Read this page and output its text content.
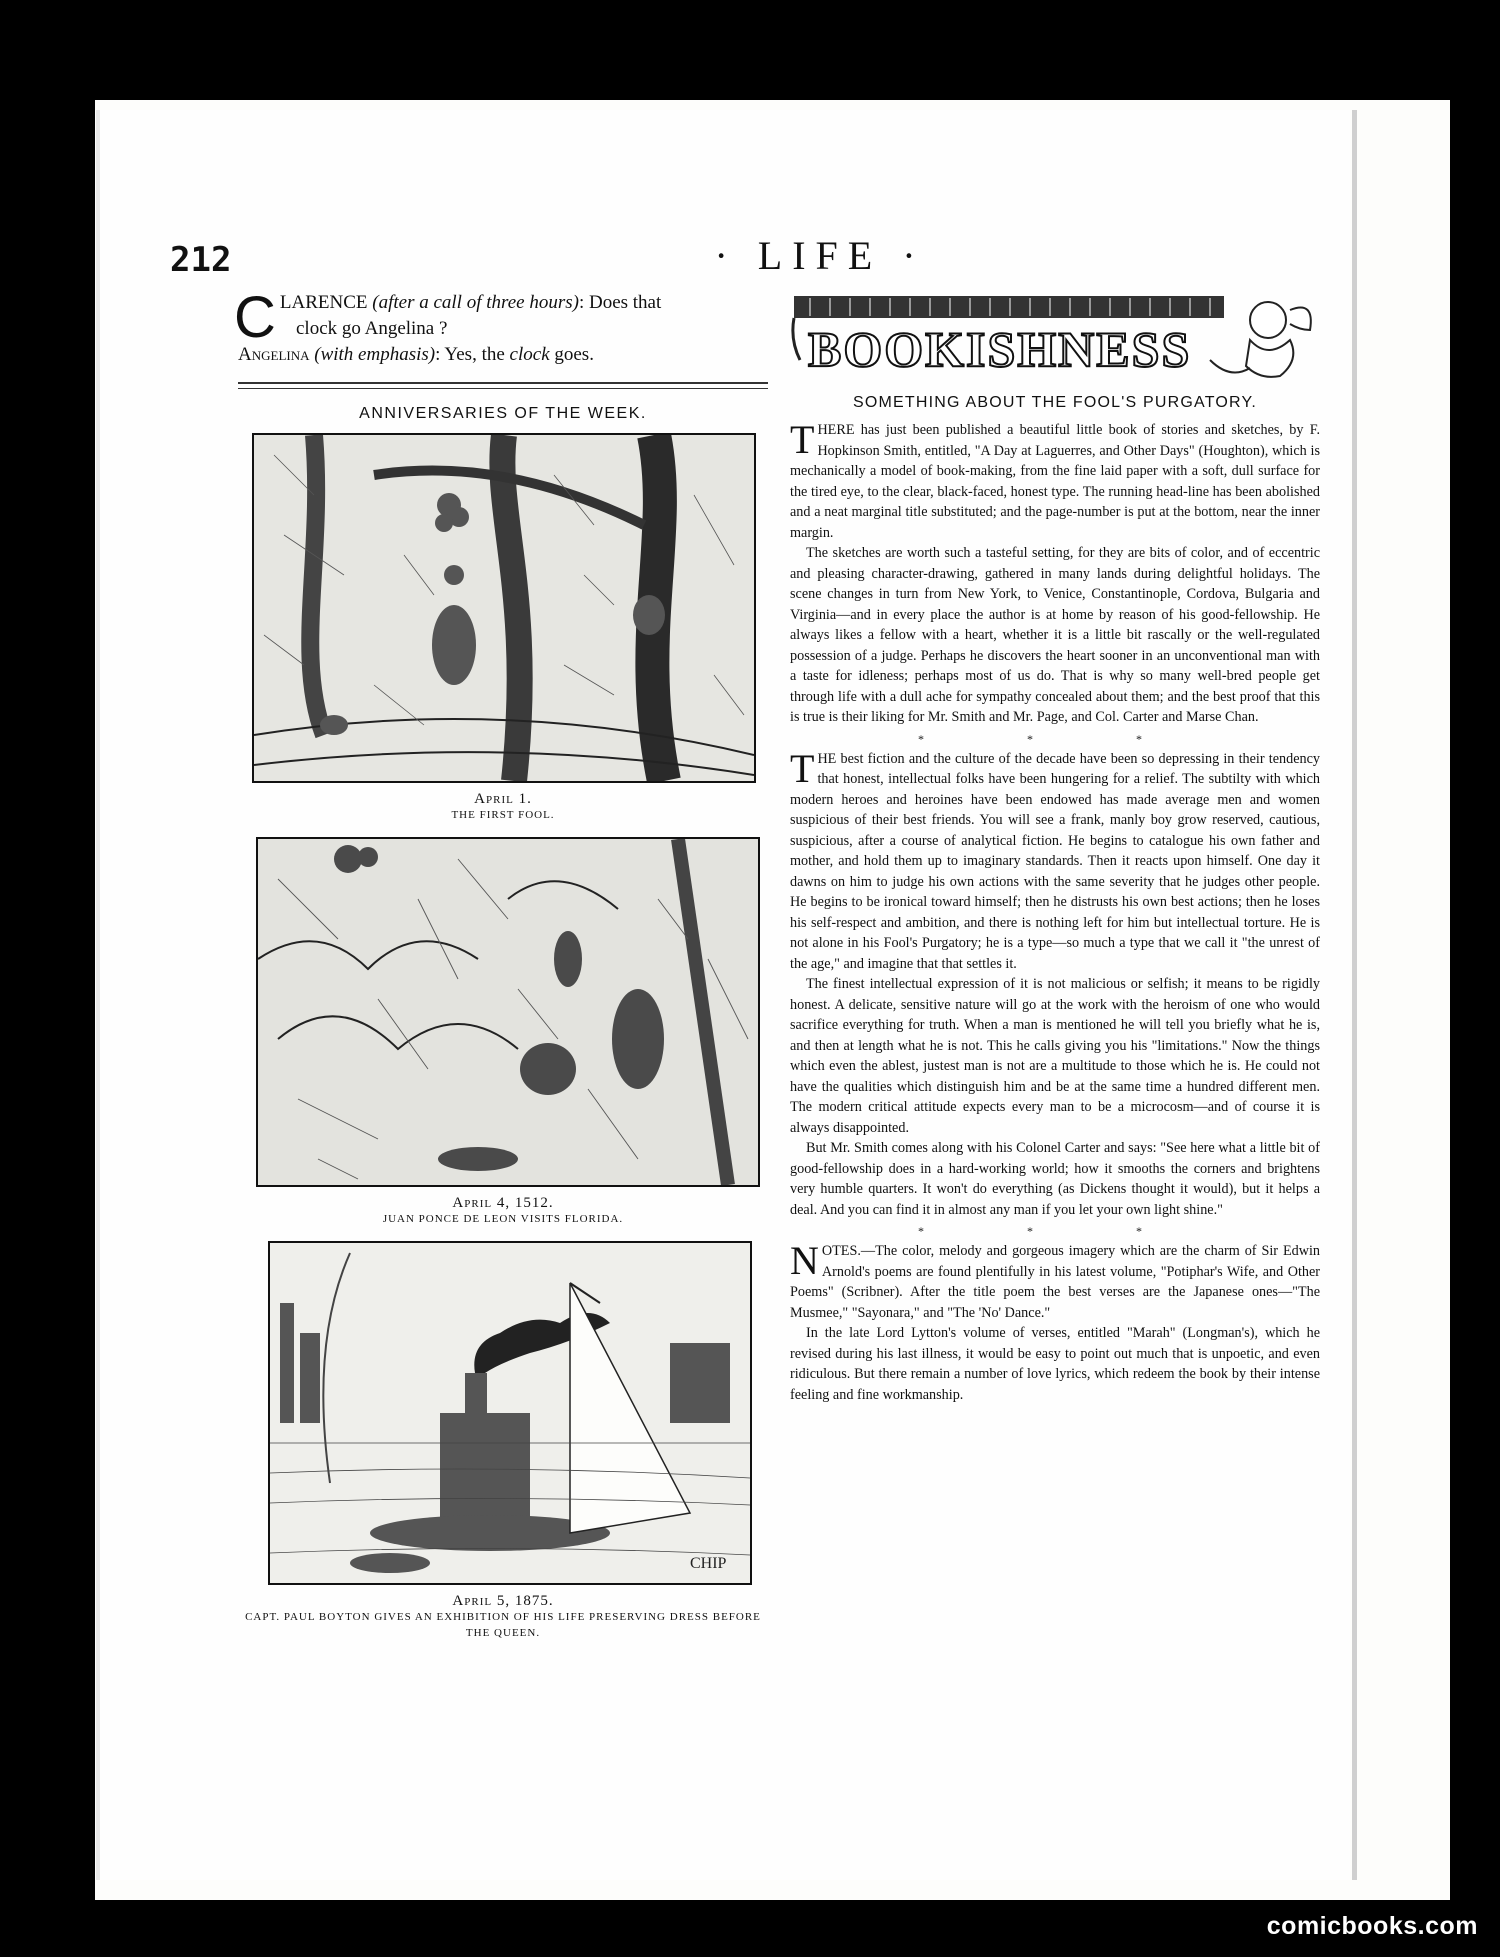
212	· LIFE ·
C LARENCE (after a call of three hours): Does that
clock go Angelina ?
Angelina (with emphasis): Yes, the clock goes.
ANNIVERSARIES OF THE WEEK.
April 1.
THE FIRST FOOL.
April 4, 1512.
JUAN PONCE DE LEON VISITS FLORIDA.
CHIP
April 5, 1875.
CAPT. PAUL BOYTON GIVES AN EXHIBITION OF HIS LIFE PRESERVING DRESS BEFORE THE QUEEN.
BOOKISHNESS
SOMETHING ABOUT THE FOOL'S PURGATORY.

THERE has just been published a beautiful little book of stories and sketches, by F. Hopkinson Smith, entitled, "A Day at Laguerres, and Other Days" (Houghton), which is mechanically a model of book-making, from the fine laid paper with a soft, dull surface for the tired eye, to the clear, black-faced, honest type. The running head-line has been abolished and a neat marginal title substituted; and the page-number is put at the bottom, near the inner margin.

The sketches are worth such a tasteful setting, for they are bits of color, and of eccentric and pleasing character-drawing, gathered in many lands during delightful holidays. The scene changes in turn from New York, to Venice, Constantinople, Cordova, Bulgaria and Virginia—and in every place the author is at home by reason of his good-fellowship. He always likes a fellow with a heart, whether it is a little bit rascally or the well-regulated possession of a judge. Perhaps he discovers the heart sooner in an unconventional man with a taste for idleness; perhaps most of us do. That is why so many well-bred people get through life with a dull ache for sympathy concealed about them; and the best proof that this is true is their liking for Mr. Smith and Mr. Page, and Col. Carter and Marse Chan.

* * *

THE best fiction and the culture of the decade have been so depressing in their tendency that honest, intellectual folks have been hungering for a relief. The subtilty with which modern heroes and heroines have been endowed has made average men and women suspicious of their best friends. You will see a frank, manly boy grow reserved, cautious, suspicious, after a course of analytical fiction. He begins to catalogue his own father and mother, and hold them up to imaginary standards. Then it reacts upon himself. One day it dawns on him to judge his own actions with the same severity that he judges other people. He begins to be ironical toward himself; then he distrusts his own best actions; then he loses his self-respect and ambition, and there is nothing left for him but intellectual torture. He is not alone in his Fool's Purgatory; he is a type—so much a type that we call it "the unrest of the age," and imagine that that settles it.

The finest intellectual expression of it is not malicious or selfish; it means to be rigidly honest. A delicate, sensitive nature will go at the work with the heroism of one who would sacrifice everything for truth. When a man is mentioned he will tell you briefly what he is, and then at length what he is not. This he calls giving you his "limitations." Now the things which even the ablest, justest man is not are a multitude to those which he is. He could not have the qualities which distinguish him and be at the same time a hundred different men. The modern critical attitude expects every man to be a microcosm—and of course it is always disappointed.

But Mr. Smith comes along with his Colonel Carter and says: "See here what a little bit of good-fellowship does in a hard-working world; how it smooths the corners and brightens very humble quarters. It won't do everything (as Dickens thought it would), but it helps a deal. And you can find it in almost any man if you let your own light shine."

* * *

NOTES.—The color, melody and gorgeous imagery which are the charm of Sir Edwin Arnold's poems are found plentifully in his latest volume, "Potiphar's Wife, and Other Poems" (Scribner). After the title poem the best verses are the Japanese ones—"The Musmee," "Sayonara," and "The 'No' Dance."

In the late Lord Lytton's volume of verses, entitled "Marah" (Longman's), which he revised during his last illness, it would be easy to point out much that is unpoetic, and even ridiculous. But there remain a number of love lyrics, which redeem the book by their intense feeling and fine workmanship.

comicbooks.com
